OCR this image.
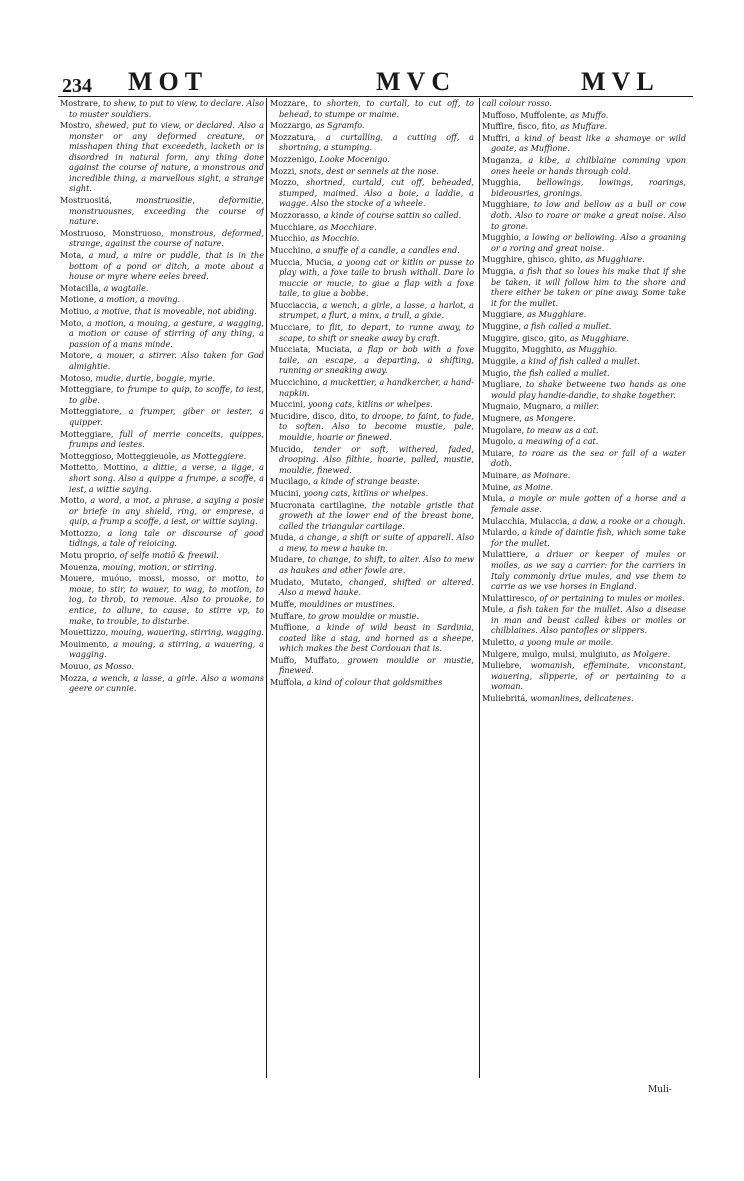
234 MOT	MVC	MVL

Mostrare, to shew, to put to view, to declare. Also to muster souldiers.

Mostro, shewed, put to view, or declared. Also a monster or any deformed creature, or misshapen thing that exceedeth, lacketh or is disordred in natural form, any thing done against the course of nature, a monstrous and incredible thing, a marvellous sight, a strange sight.

Mostruositá, monstruositie, deformitie, monstruousnes, exceeding the course of nature.

Mostruoso, Monstruoso, monstrous, deformed, strange, against the course of nature.

Mota, a mud, a mire or puddle, that is in the bottom of a pond or ditch, a mote about a house or myre where eeles breed.

Motacilla, a wagtaile.

Motione, a motion, a moving.

Motiuo, a motive, that is moveable, not abiding.

Moto, a motion, a mouing, a gesture, a wagging, a motion or cause of stirring of any thing, a passion of a mans minde.

Motore, a mouer, a stirrer. Also taken for God almightie.

Motoso, mudie, durtie, boggie, myrie.

Motteggiare, to frumpe to quip, to scoffe, to iest, to gibe.

Motteggiatore, a frumper, giber or iester, a quipper.

Motteggiare, full of merrie conceits, quippes, frumps and iestes.

Motteggioso, Motteggieuole, as Motteggiere.

Mottetto, Mottino, a dittie, a verse, a iigge, a short song. Also a quippe a frumpe, a scoffe, a iest, a wittie saying.

Motto, a word, a mot, a phrase, a saying a posie or briefe in any shield, ring, or emprese, a quip, a frump a scoffe, a iest, or wittie saying.

Mottozzo, a long tale or discourse of good tidings, a tale of reioicing.

Motu proprio, of selfe motiō & freewil.

Mouenza, mouing, motion, or stirring.

Mouere, muóuo, mossi, mosso, or motto, to moue, to stir, to wauer, to wag, to motion, to iog, to throb, to remoue. Also to prouoke, to entice, to allure, to cause, to stirre vp, to make, to trouble, to disturbe.

Mouettizzo, mouing, wauering, stirring, wagging.

Mouimento, a mouing, a stirring, a wauering, a wagging.

Mouuo, as Mosso.

Mozza, a wench, a lasse, a girle. Also a womans geere or cunnie.

Mozzare, to shorten, to curtall, to cut off, to behead, to stumpe or maime.

Mozzargo, as Sgramfo.

Mozzatura, a curtalling, a cutting off, a shortning, a stumping.

Mozzenigo, Looke Mocenigo.

Mozzi, snots, dest or sennels at the nose.

Mozzo, shortned, curtald, cut off, beheaded, stumped, maimed. Also a boie, a laddie, a wagge. Also the stocke of a wheele.

Mozzorasso, a kinde of course sattin so called.

Mucchiare, as Mocchiare.

Mucchio, as Mocchio.

Mucchino, a snuffe of a candle, a candles end.

Muccia, Mucia, a yoong cat or kitlin or pusse to play with, a foxe taile to brush withall. Dare lo muccie or mucie, to giue a flap with a foxe taile, to giue a bobbe.

Mucciaccia, a wench, a girle, a lasse, a harlot, a strumpet, a flurt, a minx, a trull, a gixie.

Mucciare, to flit, to depart, to runne away, to scape, to shift or sneake away by craft.

Mucciata, Muciata, a flap or bob with a foxe taile, an escape, a departing, a shifting, running or sneaking away.

Muccichino, a muckettier, a handkercher, a hand-napkin.

Muccini, yoong cats, kitlins or whelpes.

Mucidire, disco, dito, to droope, to faint, to fade, to soften. Also to become mustie, pale, mouldie, hoarie or finewed.

Mucido, tender or soft, withered, faded, drooping. Also filthie, hoarie, palled, mustie, mouldie, finewed.

Mucilago, a kinde of strange beaste.

Mucini, yoong cats, kitlins or whelpes.

Mucronata cartilagine, the notable gristle that groweth at the lower end of the breast bone, called the triangular cartilage.

Muda, a change, a shift or suite of apparell. Also a mew, to mew a hauke in.

Mudare, to change, to shift, to alter. Also to mew as haukes and other fowle are.

Mudato, Mutato, changed, shifted or altered. Also a mewd hauke.

Muffe, mouldines or mustines.

Muffare, to grow mouldie or mustie.

Muffione, a kinde of wild beast in Sardinia, coated like a stag, and horned as a sheepe, which makes the best Cordouan that is.

Muffo, Muffato, growen mouldie or mustie, finewed.

Muffola, a kind of colour that goldsmithes

call colour rosso.

Muffoso, Muffolente, as Muffo.

Muffire, fisco, fito, as Muffare.

Muffri, a kind of beast like a shamoye or wild goate, as Muffione.

Muganza, a kibe, a chilblaine comming vpon ones heele or hands through cold.

Mugghia, bellowings, lowings, roarings, bideousries, gronings.

Mugghiare, to low and bellow as a bull or cow doth. Also to roare or make a great noise. Also to grone.

Mugghio, a lowing or bellowing. Also a groaning or a roring and great noise.

Mugghire, ghisco, ghito, as Mugghiare.

Muggia, a fish that so loues his make that if she be taken, it will follow him to the shore and there either be taken or pine away. Some take it for the mullet.

Muggiare, as Mugghiare.

Muggine, a fish called a mullet.

Muggire, gisco, gito, as Mugghiare.

Muggito, Mugghito, as Mugghio.

Muggile, a kind of fish called a mullet.

Mugio, the fish called a mullet.

Mugliare, to shake betweene two hands as one would play handie-dandie, to shake together.

Mugnaio, Mugnaro, a miller.

Mugnere, as Mongere.

Mugolare, to meaw as a cat.

Mugolo, a meawing of a cat.

Muiare, to roare as the sea or fall of a water doth.

Muinare, as Moinare.

Muine, as Moine.

Mula, a moyle or mule gotten of a horse and a female asse.

Mulacchia, Mulaccia, a daw, a rooke or a chough.

Mulardo, a kinde of daintie fish, which some take for the mullet.

Mulattiere, a driuer or keeper of mules or moiles, as we say a carrier: for the carriers in Italy commonly driue mules, and vse them to carrie as we vse horses in England.

Mulattiresco, of or pertaining to mules or moiles.

Mule, a fish taken for the mullet. Also a disease in man and beast called kibes or moiles or chilblaines. Also pantofles or slippers.

Muletto, a yoong mule or moile.

Mulgere, mulgo, mulsi, mulgiuto, as Molgere.

Muliebre, womanish, effeminate, vnconstant, wauering, slipperie, of or pertaining to a woman.

Muliebritá, womanlines, delicatenes.

Muli-
